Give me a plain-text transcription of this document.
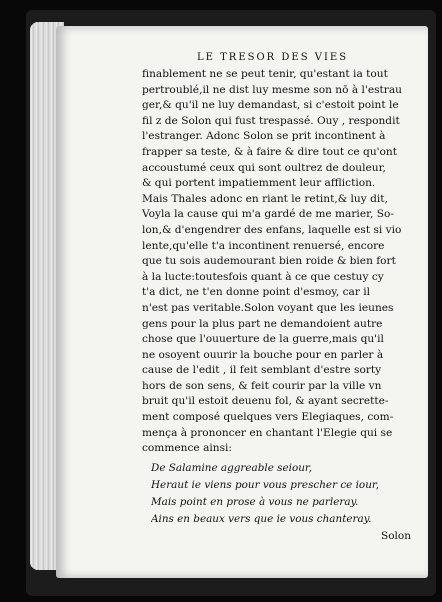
LE TRESOR DES VIES
finablement ne se peut tenir, qu'estant ia tout
pertroublé,il ne dist luy mesme son nō à l'estrau
ger,& qu'il ne luy demandast, si c'estoit point le
fil z de Solon qui fust trespassé. Ouy , respondit
l'estranger. Adonc Solon se prit incontinent à
frapper sa teste, & à faire & dire tout ce qu'ont
accoustumé ceux qui sont oultrez de douleur,
& qui portent impatiemment leur affliction.
Mais Thales adonc en riant le retint,& luy dit,
Voyla la cause qui m'a gardé de me marier, So-
lon,& d'engendrer des enfans, laquelle est si vio
lente,qu'elle t'a incontinent renuersé, encore
que tu sois audemourant bien roide & bien fort
à la lucte:toutesfois quant à ce que cestuy cy
t'a dict, ne t'en donne point d'esmoy, car il
n'est pas veritable.Solon voyant que les ieunes
gens pour la plus part ne demandoient autre
chose que l'ouuerture de la guerre,mais qu'il
ne osoyent ouurir la bouche pour en parler à
cause de l'edit , il feit semblant d'estre sorty
hors de son sens, & feit courir par la ville vn
bruit qu'il estoit deuenu fol, & ayant secrette-
ment composé quelques vers Elegiaques, com-
mença à prononcer en chantant l'Elegie qui se
commence ainsi:
De Salamine aggreable seiour,
Heraut ie viens pour vous prescher ce iour,
Mais point en prose à vous ne parleray.
Ains en beaux vers que ie vous chanteray.
Solon
